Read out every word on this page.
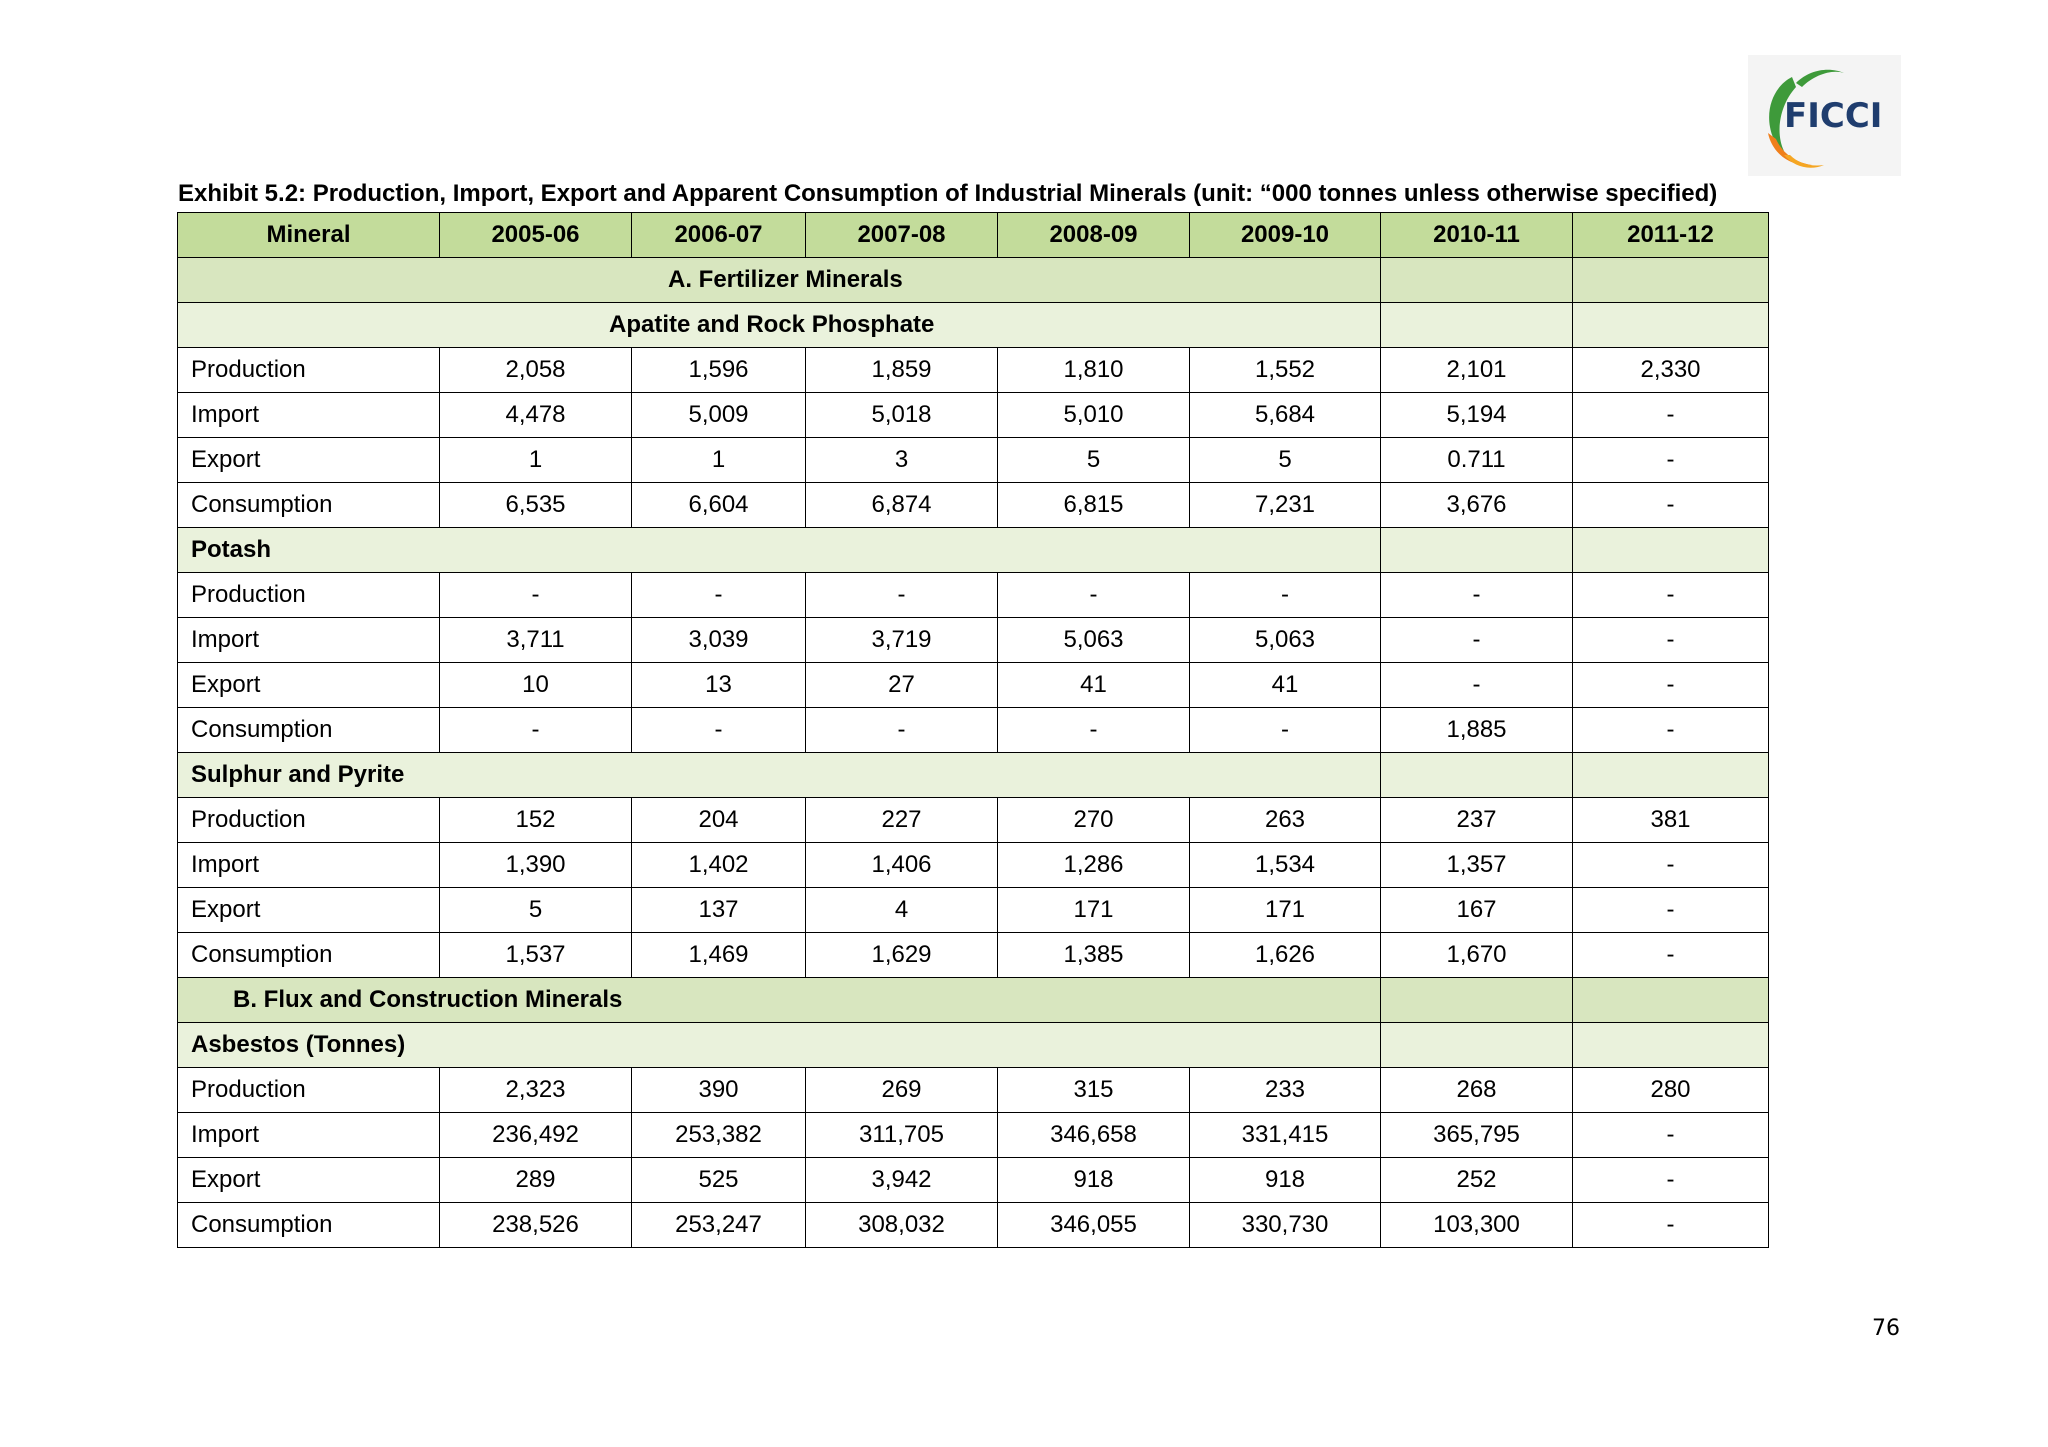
FICCI
Exhibit 5.2: Production, Import, Export and Apparent Consumption of Industrial Minerals (unit: “000 tonnes unless otherwise specified)
Mineral	2005-06	2006-07	2007-08	2008-09	2009-10	2010-11	2011-12
A. Fertilizer Minerals							
Apatite and Rock Phosphate							
Production	2,058	1,596	1,859	1,810	1,552	2,101	2,330
Import	4,478	5,009	5,018	5,010	5,684	5,194	-
Export	1	1	3	5	5	0.711	-
Consumption	6,535	6,604	6,874	6,815	7,231	3,676	-
Potash							
Production	-	-	-	-	-	-	-
Import	3,711	3,039	3,719	5,063	5,063	-	-
Export	10	13	27	41	41	-	-
Consumption	-	-	-	-	-	1,885	-
Sulphur and Pyrite							
Production	152	204	227	270	263	237	381
Import	1,390	1,402	1,406	1,286	1,534	1,357	-
Export	5	137	4	171	171	167	-
Consumption	1,537	1,469	1,629	1,385	1,626	1,670	-
B. Flux and Construction Minerals							
Asbestos (Tonnes)							
Production	2,323	390	269	315	233	268	280
Import	236,492	253,382	311,705	346,658	331,415	365,795	-
Export	289	525	3,942	918	918	252	-
Consumption	238,526	253,247	308,032	346,055	330,730	103,300	-
76
